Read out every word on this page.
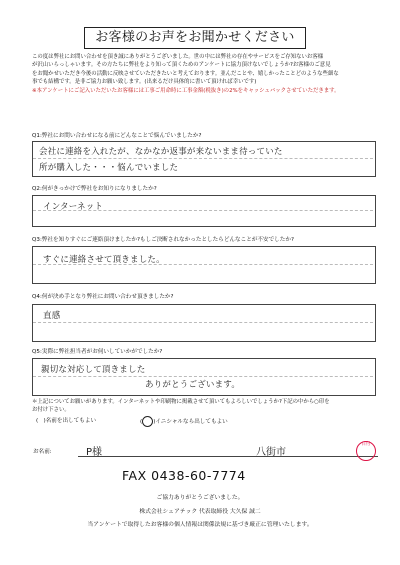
お客様のお声をお聞かせください

この度は弊社にお問い合わせを頂き誠にありがとうございました。世の中には弊社の存在やサービスをご存知ないお客様

が沢山いらっしゃいます。その方たちに弊社をより知って頂くためのアンケートに協力頂けないでしょうか?お客様のご意見

をお聞かせいただき今後の活動に反映させていただきたいと考えております。並んだことや、嬉しかったことどのような些細な

事でも結構です。是非ご協力お願い致します。(出来るだけ具体的に書いて頂ければ幸いです)

※本アンケートにご記入いただいたお客様には工事ご用命時に工事金額(税抜き)の2%をキャッシュバックさせていただきます。

Q1:弊社にお問い合わせになる前にどんなことで悩んでいましたか?
会社に連絡を入れたが、なかなか返事が来ないまま待っていた
所が購入した・・・悩んでいました
Q2:何がきっかけで弊社をお知りになりましたか?
インターネット
Q3:弊社を知りすぐにご連絡頂けましたか?もしご決断されなかったとしたらどんなことが不安でしたか?
すぐに連絡させて頂きました。
Q4:何が決め手となり弊社にお問い合わせ頂きましたか?
直感
Q5:実際に弊社担当者がお伺いしていかがでしたか?
親切な対応して頂きました
ありがとうございます。
＊上記についてお願いがあります。インターネットや印刷物に掲載させて頂いてもよろしいでしょうか?下記の中から○印を
お付け下さい。
(   )名前を出してもよい	( )イニシャルなら出してもよい
お名前:	P様	八街市
日付
FAX 0438-60-7774
ご協力ありがとうございました。
株式会社シェアテック 代表取締役 大久保 誠二
当アンケートで取得したお客様の個人情報は関係法規に基づき厳正に管理いたします。
